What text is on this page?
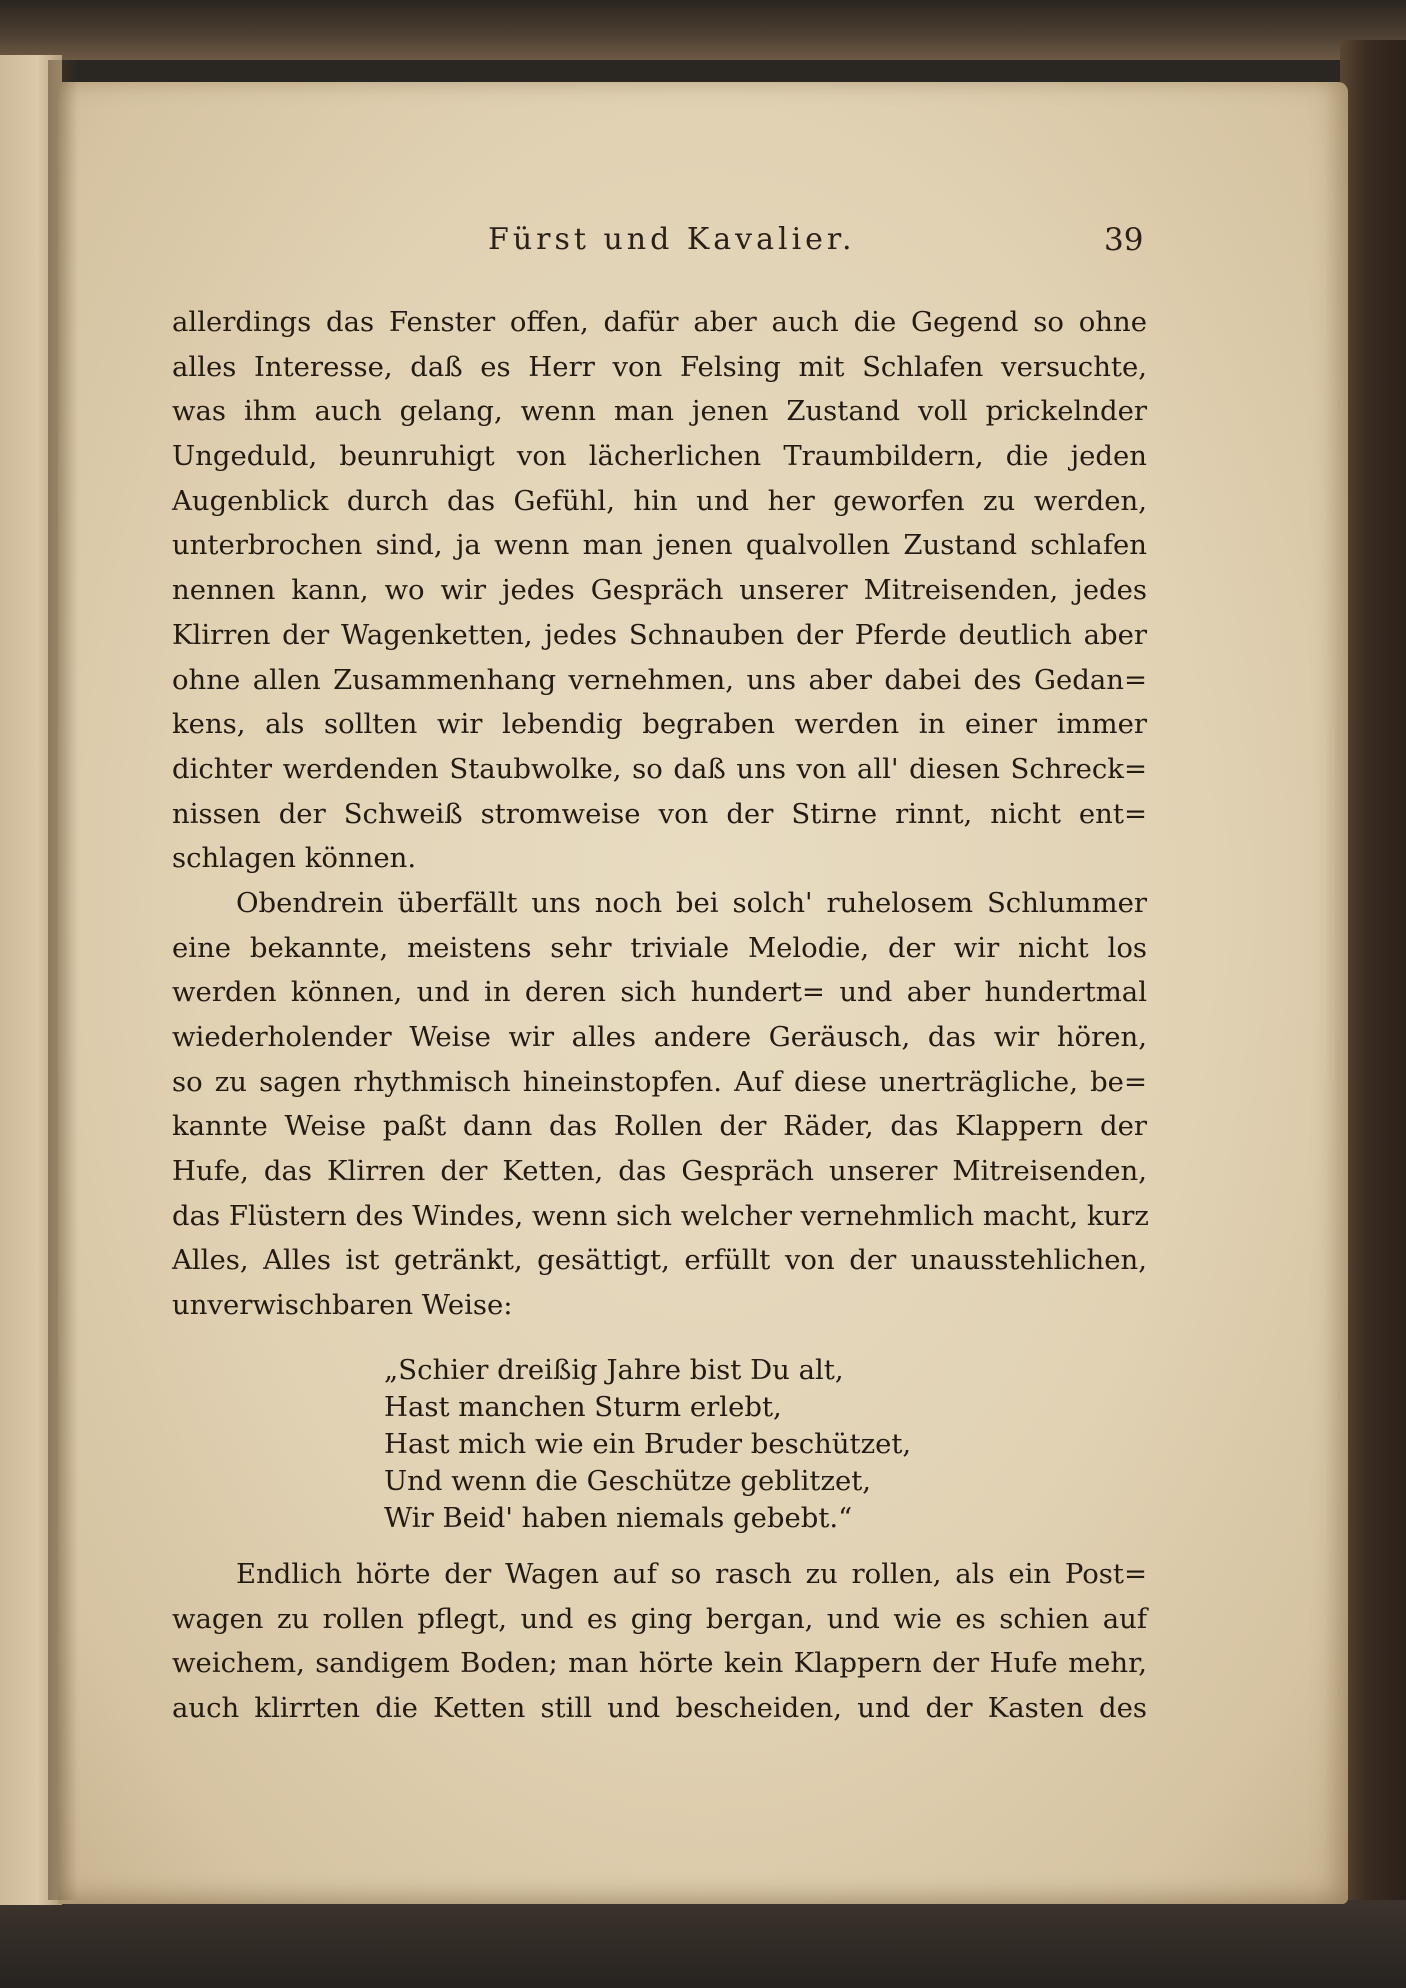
Fürst und Kavalier.	39
allerdings das Fenster offen, dafür aber auch die Gegend so ohne
alles Interesse, daß es Herr von Felsing mit Schlafen versuchte,
was ihm auch gelang, wenn man jenen Zustand voll prickelnder
Ungeduld, beunruhigt von lächerlichen Traumbildern, die jeden
Augenblick durch das Gefühl, hin und her geworfen zu werden,
unterbrochen sind, ja wenn man jenen qualvollen Zustand schlafen
nennen kann, wo wir jedes Gespräch unserer Mitreisenden, jedes
Klirren der Wagenketten, jedes Schnauben der Pferde deutlich aber
ohne allen Zusammenhang vernehmen, uns aber dabei des Gedan=
kens, als sollten wir lebendig begraben werden in einer immer
dichter werdenden Staubwolke, so daß uns von all' diesen Schreck=
nissen der Schweiß stromweise von der Stirne rinnt, nicht ent=
schlagen können.
Obendrein überfällt uns noch bei solch' ruhelosem Schlummer
eine bekannte, meistens sehr triviale Melodie, der wir nicht los
werden können, und in deren sich hundert= und aber hundertmal
wiederholender Weise wir alles andere Geräusch, das wir hören,
so zu sagen rhythmisch hineinstopfen. Auf diese unerträgliche, be=
kannte Weise paßt dann das Rollen der Räder, das Klappern der
Hufe, das Klirren der Ketten, das Gespräch unserer Mitreisenden,
das Flüstern des Windes, wenn sich welcher vernehmlich macht, kurz
Alles, Alles ist getränkt, gesättigt, erfüllt von der unausstehlichen,
unverwischbaren Weise:
„Schier dreißig Jahre bist Du alt,
Hast manchen Sturm erlebt,
Hast mich wie ein Bruder beschützet,
Und wenn die Geschütze geblitzet,
Wir Beid' haben niemals gebebt.“
Endlich hörte der Wagen auf so rasch zu rollen, als ein Post=
wagen zu rollen pflegt, und es ging bergan, und wie es schien auf
weichem, sandigem Boden; man hörte kein Klappern der Hufe mehr,
auch klirrten die Ketten still und bescheiden, und der Kasten des
